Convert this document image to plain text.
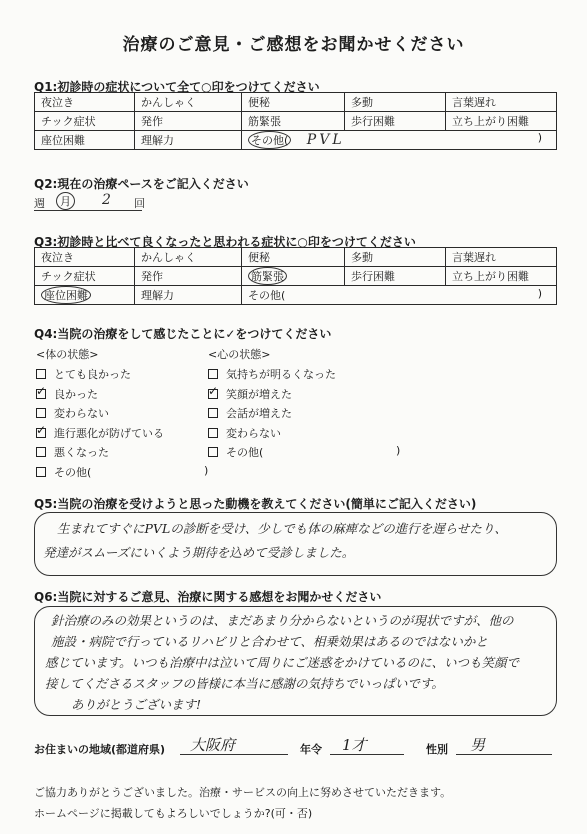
治療のご意見・ご感想をお聞かせください
Q1:初診時の症状について全て○印をつけてください
夜泣き	かんしゃく	便秘	多動	言葉遅れ
チック症状	発作	筋緊張	歩行困難	立ち上がり困難
座位困難	理解力	その他( PVL )		
Q2:現在の治療ペースをご記入ください
週	月 2 回
Q3:初診時と比べて良くなったと思われる症状に○印をつけてください
夜泣き	かんしゃく	便秘	多動	言葉遅れ
チック症状	発作	筋緊張	歩行困難	立ち上がり困難
座位困難	理解力	その他( )		
Q4:当院の治療をして感じたことに✓をつけてください
<体の状態>	<心の状態>
とても良かった
✓良かった
変わらない
✓進行悪化が防げている
悪くなった
その他(	)
気持ちが明るくなった
✓笑顔が増えた
会話が増えた
変わらない
その他(	)
Q5:当院の治療を受けようと思った動機を教えてください(簡単にご記入ください)
生まれてすぐにPVLの診断を受け、少しでも体の麻痺などの進行を遅らせたり、
発達がスムーズにいくよう期待を込めて受診しました。
Q6:当院に対するご意見、治療に関する感想をお聞かせください
針治療のみの効果というのは、まだあまり分からないというのが現状ですが、他の
施設・病院で行っているリハビリと合わせて、相乗効果はあるのではないかと
感じています。いつも治療中は泣いて周りにご迷惑をかけているのに、いつも笑顔で
接してくださるスタッフの皆様に本当に感謝の気持ちでいっぱいです。
ありがとうございます!
お住まいの地域(都道府県) 大阪府	年令 1才	性別 男
ご協力ありがとうございました。治療・サービスの向上に努めさせていただきます。
ホームページに掲載してもよろしいでしょうか?(可・否)
